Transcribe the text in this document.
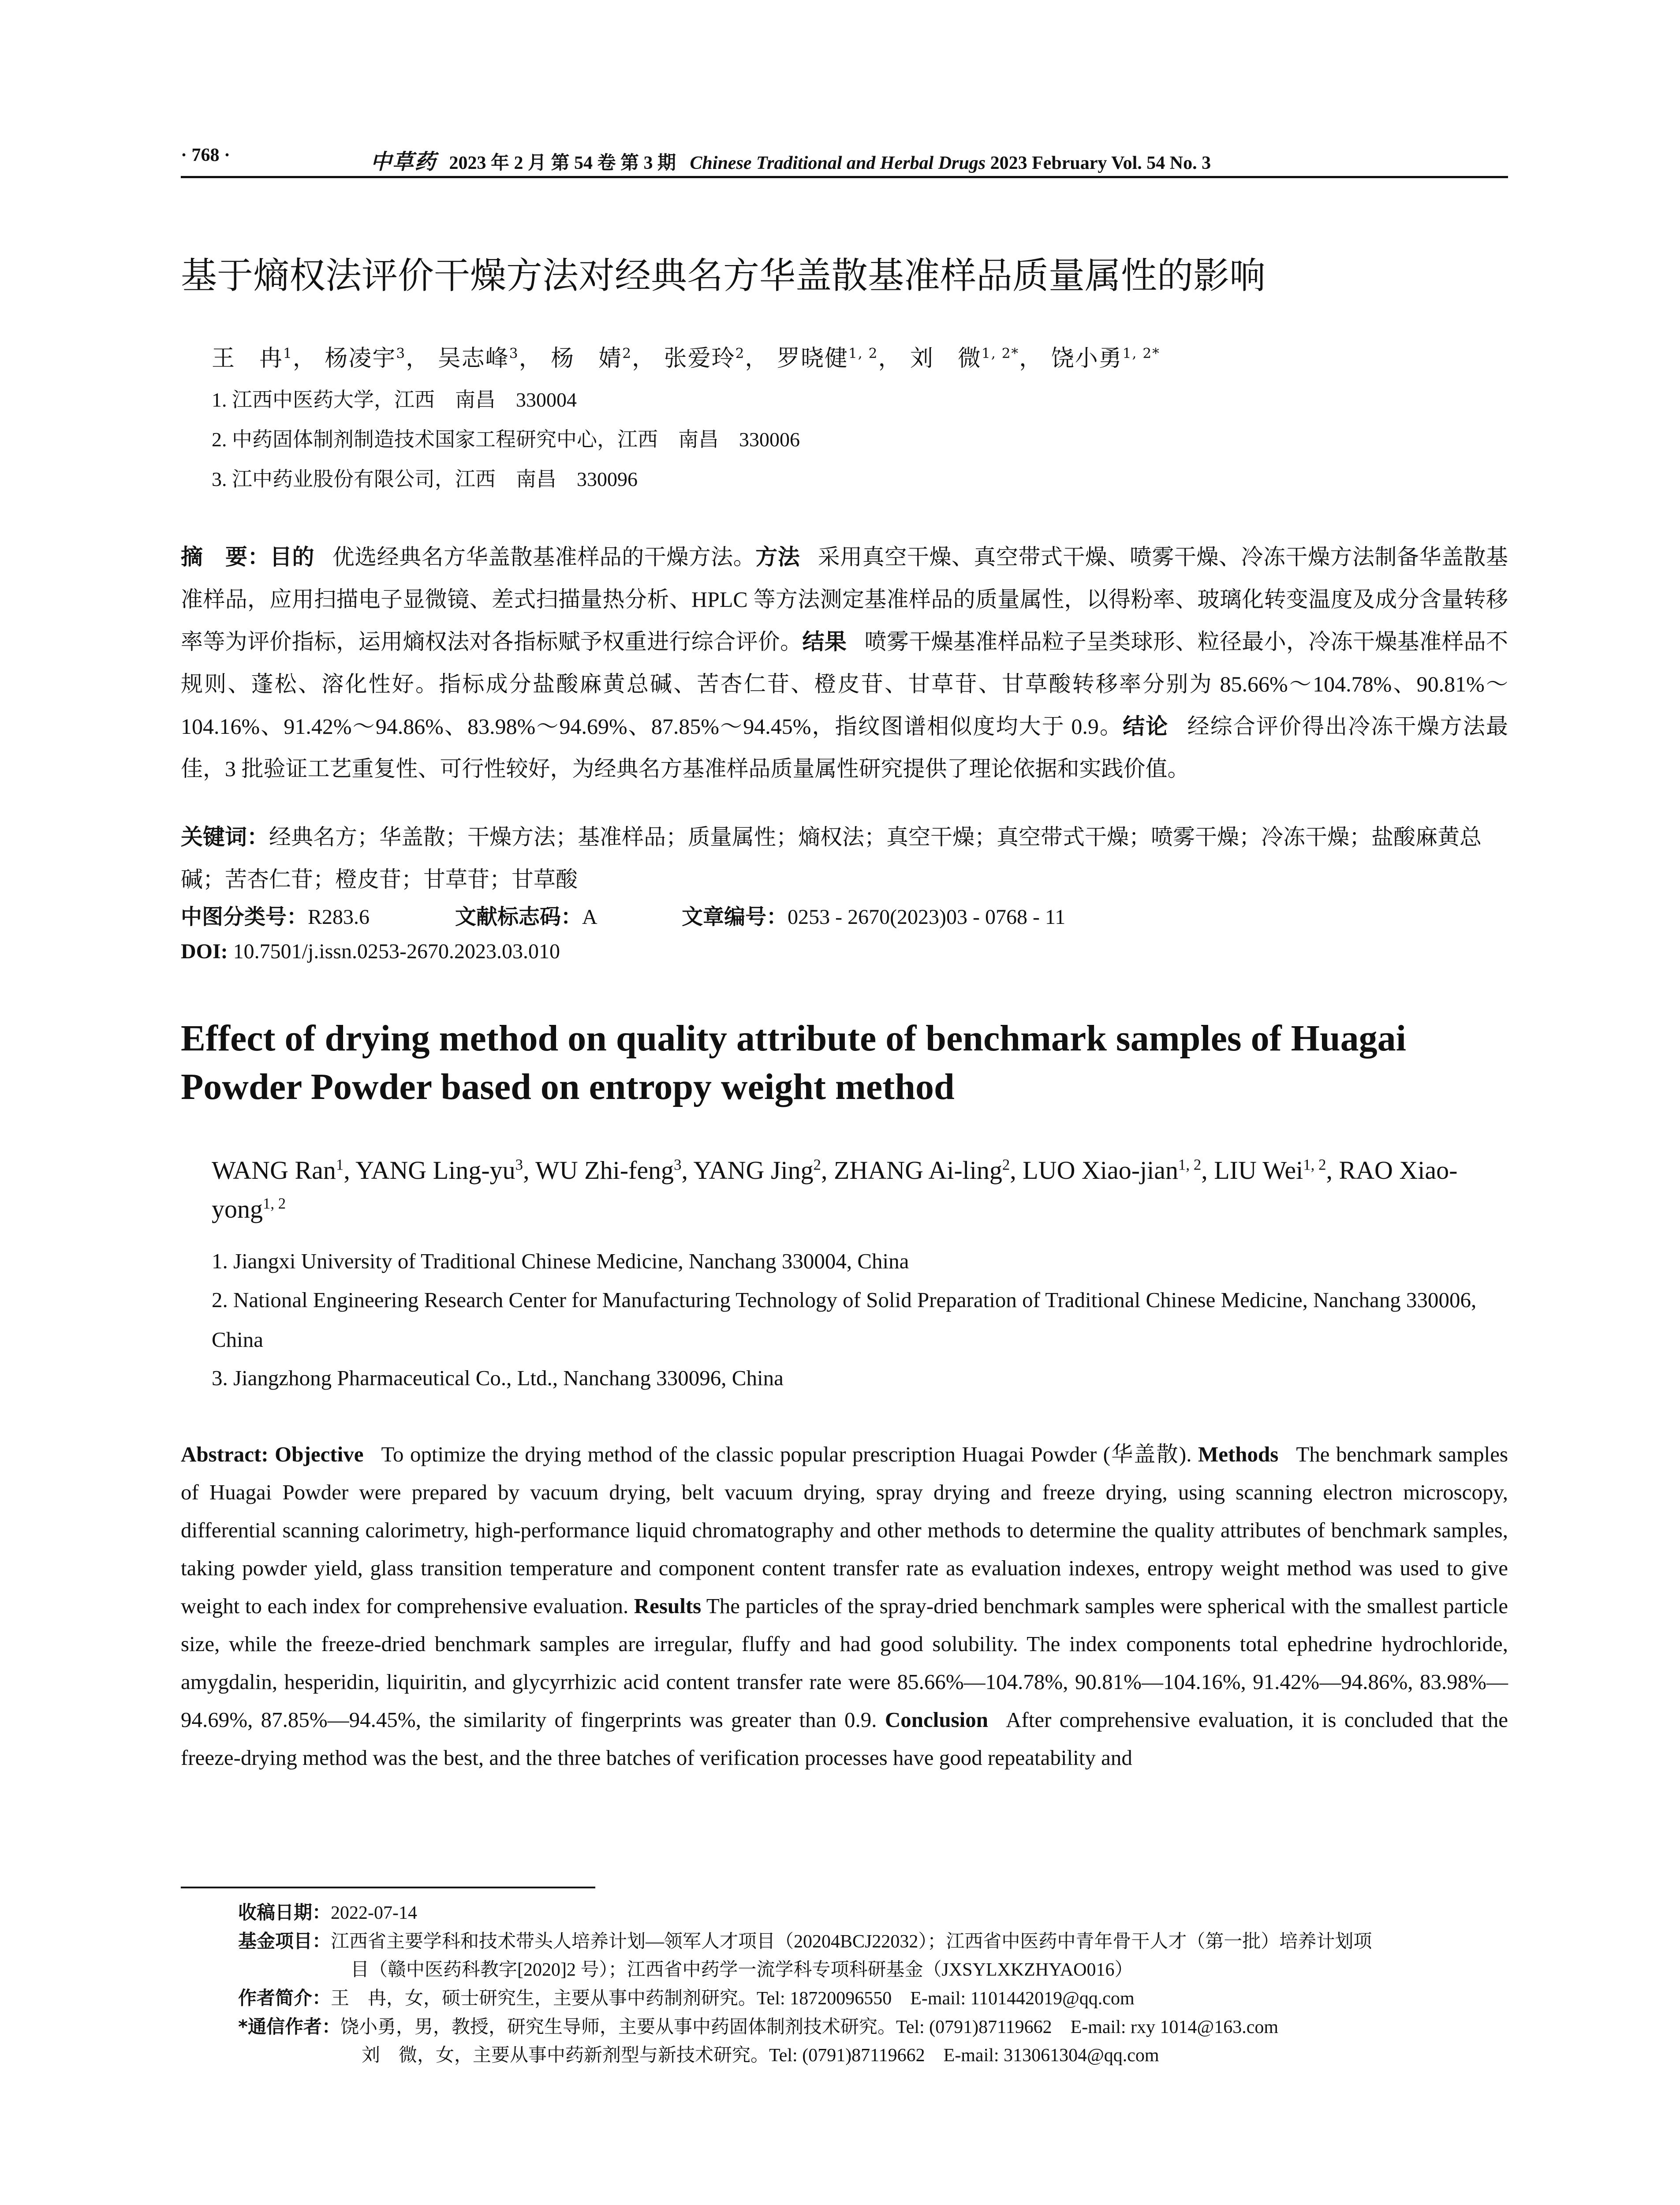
· 768 ·	中草药 2023 年 2 月 第 54 卷 第 3 期 Chinese Traditional and Herbal Drugs 2023 February Vol. 54 No. 3
基于熵权法评价干燥方法对经典名方华盖散基准样品质量属性的影响
王　冉$^1$， 杨凌宇$^3$， 吴志峰$^3$， 杨　婧$^2$， 张爱玲$^2$， 罗晓健$^{1, 2}$， 刘　微$^{1, 2*}$， 饶小勇$^{1, 2*}$
1. 江西中医药大学，江西　南昌　330004
2. 中药固体制剂制造技术国家工程研究中心，江西　南昌　330006
3. 江中药业股份有限公司，江西　南昌　330096
摘　要：目的 优选经典名方华盖散基准样品的干燥方法。方法 采用真空干燥、真空带式干燥、喷雾干燥、冷冻干燥方法制备华盖散基准样品，应用扫描电子显微镜、差式扫描量热分析、HPLC 等方法测定基准样品的质量属性，以得粉率、玻璃化转变温度及成分含量转移率等为评价指标，运用熵权法对各指标赋予权重进行综合评价。结果 喷雾干燥基准样品粒子呈类球形、粒径最小，冷冻干燥基准样品不规则、蓬松、溶化性好。指标成分盐酸麻黄总碱、苦杏仁苷、橙皮苷、甘草苷、甘草酸转移率分别为 85.66%～104.78%、90.81%～104.16%、91.42%～94.86%、83.98%～94.69%、87.85%～94.45%，指纹图谱相似度均大于 0.9。结论 经综合评价得出冷冻干燥方法最佳，3 批验证工艺重复性、可行性较好，为经典名方基准样品质量属性研究提供了理论依据和实践价值。
关键词：经典名方；华盖散；干燥方法；基准样品；质量属性；熵权法；真空干燥；真空带式干燥；喷雾干燥；冷冻干燥；盐酸麻黄总碱；苦杏仁苷；橙皮苷；甘草苷；甘草酸
中图分类号：R283.6	文献标志码：A	文章编号：0253 - 2670(2023)03 - 0768 - 11
DOI: 10.7501/j.issn.0253-2670.2023.03.010
Effect of drying method on quality attribute of benchmark samples of Huagai Powder Powder based on entropy weight method
WANG Ran$^1$, YANG Ling-$yu^3$, WU Zhi-feng$^3$, YANG Jing$^2$, ZHANG Ai-ling$^2$, LUO Xiao-jian$^{1, 2}$, LIU Wei$^{1, 2}$, RAO Xiao-yong$^{1, 2}$
1. Jiangxi University of Traditional Chinese Medicine, Nanchang 330004, China
2. National Engineering Research Center for Manufacturing Technology of Solid Preparation of Traditional Chinese Medicine, Nanchang 330006, China
3. Jiangzhong Pharmaceutical Co., Ltd., Nanchang 330096, China
Abstract: Objective To optimize the drying method of the classic popular prescription Huagai Powder (华盖散). Methods The benchmark samples of Huagai Powder were prepared by vacuum drying, belt vacuum drying, spray drying and freeze drying, using scanning electron microscopy, differential scanning calorimetry, high-performance liquid chromatography and other methods to determine the quality attributes of benchmark samples, taking powder yield, glass transition temperature and component content transfer rate as evaluation indexes, entropy weight method was used to give weight to each index for comprehensive evaluation. Results The particles of the spray-dried benchmark samples were spherical with the smallest particle size, while the freeze-dried benchmark samples are irregular, fluffy and had good solubility. The index components total ephedrine hydrochloride, amygdalin, hesperidin, liquiritin, and glycyrrhizic acid content transfer rate were 85.66%—104.78%, 90.81%—104.16%, 91.42%—94.86%, 83.98%—94.69%, 87.85%—94.45%, the similarity of fingerprints was greater than 0.9. Conclusion After comprehensive evaluation, it is concluded that the freeze-drying method was the best, and the three batches of verification processes have good repeatability and
收稿日期：2022-07-14
基金项目：江西省主要学科和技术带头人培养计划—领军人才项目（20204BCJ22032）；江西省中医药中青年骨干人才（第一批）培养计划项
目（赣中医药科教字[2020]2 号）；江西省中药学一流学科专项科研基金（JXSYLXKZHYAO016）
作者简介：王　冉，女，硕士研究生，主要从事中药制剂研究。Tel: 18720096550　E-mail: 1101442019@qq.com
*通信作者：饶小勇，男，教授，研究生导师，主要从事中药固体制剂技术研究。Tel: (0791)87119662　E-mail: rxy 1014@163.com
刘　微，女，主要从事中药新剂型与新技术研究。Tel: (0791)87119662　E-mail: 313061304@qq.com
